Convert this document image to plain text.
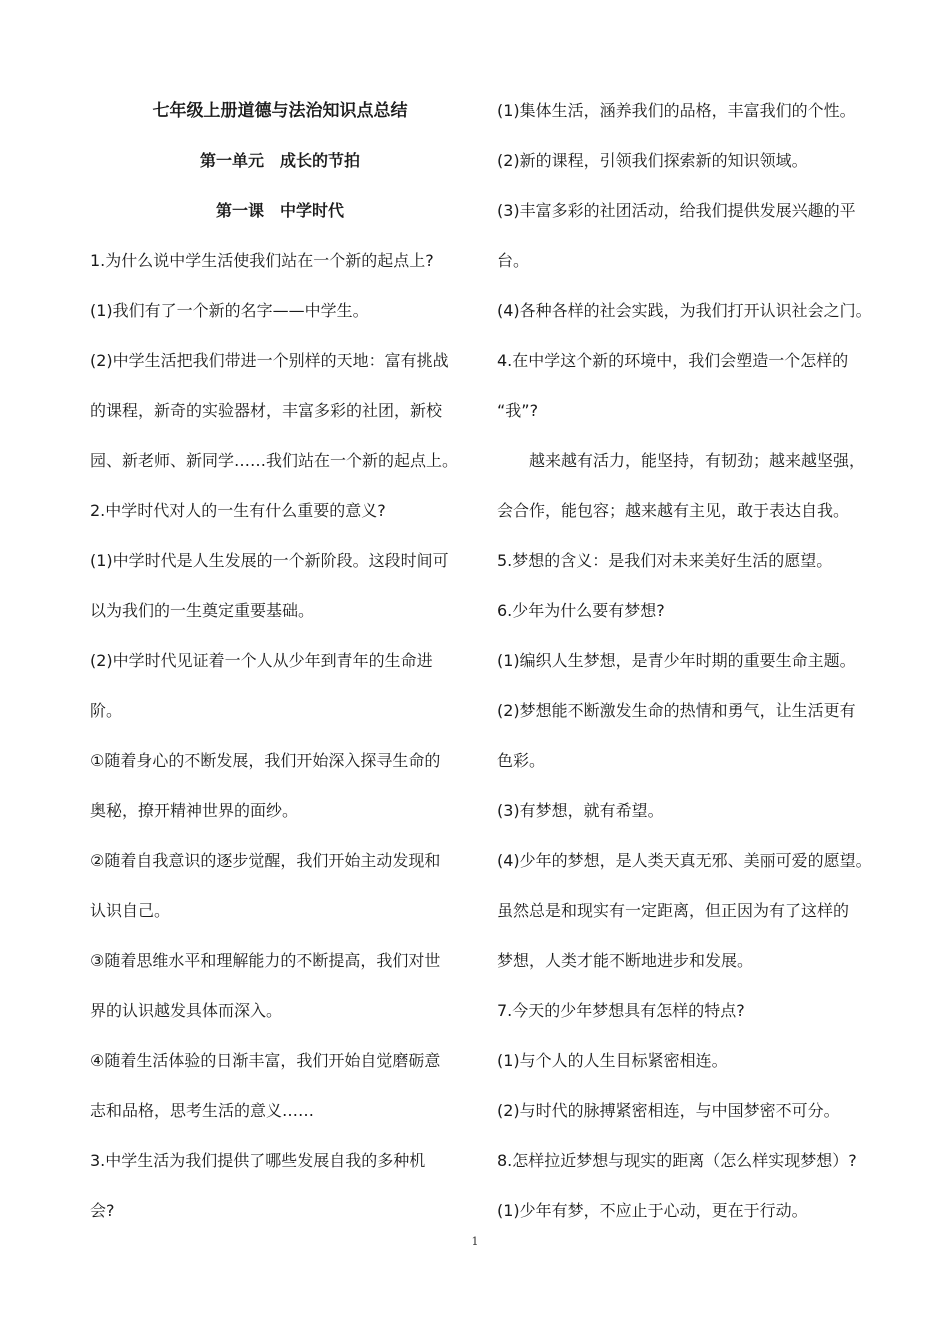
七年级上册道德与法治知识点总结
第一单元　成长的节拍
第一课　中学时代
1.为什么说中学生活使我们站在一个新的起点上?
(1)我们有了一个新的名字——中学生。
(2)中学生活把我们带进一个别样的天地：富有挑战
的课程，新奇的实验器材，丰富多彩的社团，新校
园、新老师、新同学……我们站在一个新的起点上。
2.中学时代对人的一生有什么重要的意义?
(1)中学时代是人生发展的一个新阶段。这段时间可
以为我们的一生奠定重要基础。
(2)中学时代见证着一个人从少年到青年的生命进
阶。
①随着身心的不断发展，我们开始深入探寻生命的
奥秘，撩开精神世界的面纱。
②随着自我意识的逐步觉醒，我们开始主动发现和
认识自己。
③随着思维水平和理解能力的不断提高，我们对世
界的认识越发具体而深入。
④随着生活体验的日渐丰富，我们开始自觉磨砺意
志和品格，思考生活的意义……
3.中学生活为我们提供了哪些发展自我的多种机
会?
(1)集体生活，涵养我们的品格，丰富我们的个性。
(2)新的课程，引领我们探索新的知识领域。
(3)丰富多彩的社团活动，给我们提供发展兴趣的平
台。
(4)各种各样的社会实践，为我们打开认识社会之门。
4.在中学这个新的环境中，我们会塑造一个怎样的
“我”?
越来越有活力，能坚持，有韧劲；越来越坚强，
会合作，能包容；越来越有主见，敢于表达自我。
5.梦想的含义：是我们对未来美好生活的愿望。
6.少年为什么要有梦想?
(1)编织人生梦想，是青少年时期的重要生命主题。
(2)梦想能不断激发生命的热情和勇气，让生活更有
色彩。
(3)有梦想，就有希望。
(4)少年的梦想，是人类天真无邪、美丽可爱的愿望。
虽然总是和现实有一定距离，但正因为有了这样的
梦想，人类才能不断地进步和发展。
7.今天的少年梦想具有怎样的特点?
(1)与个人的人生目标紧密相连。
(2)与时代的脉搏紧密相连，与中国梦密不可分。
8.怎样拉近梦想与现实的距离（怎么样实现梦想）?
(1)少年有梦，不应止于心动，更在于行动。
1
